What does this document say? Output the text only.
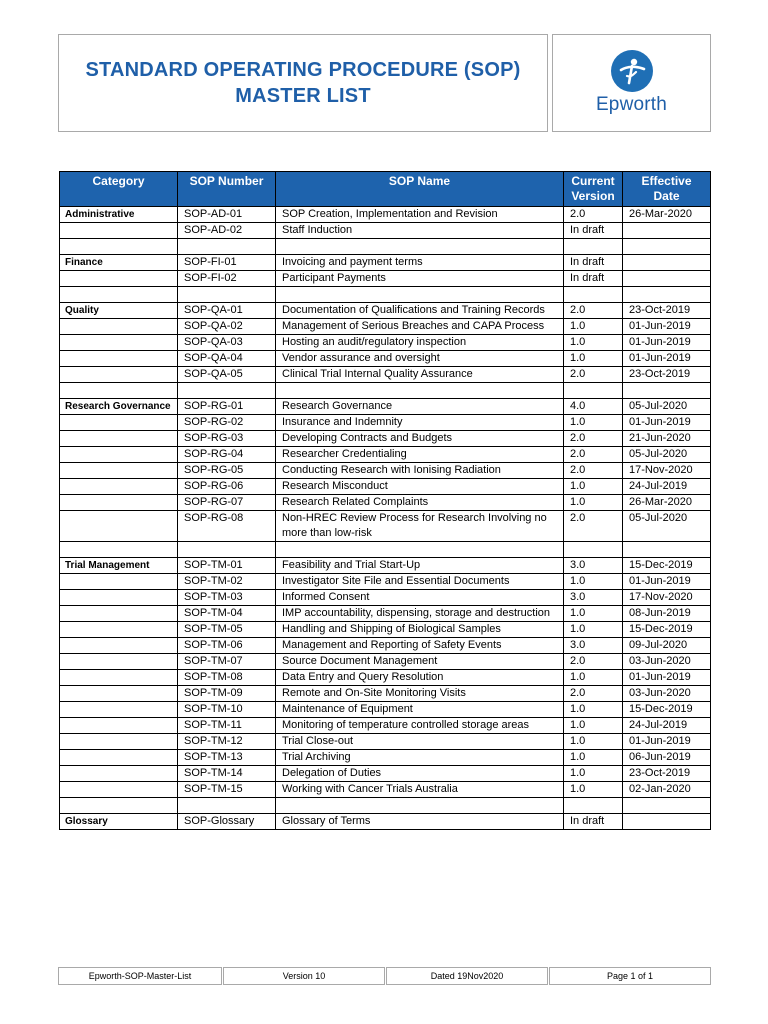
STANDARD OPERATING PROCEDURE (SOP)
MASTER LIST	Epworth
Category	SOP Number	SOP Name	Current Version	Effective Date
Administrative	SOP-AD-01	SOP Creation, Implementation and Revision	2.0	26-Mar-2020
	SOP-AD-02	Staff Induction	In draft	

Finance	SOP-FI-01	Invoicing and payment terms	In draft	
	SOP-FI-02	Participant Payments	In draft	

Quality	SOP-QA-01	Documentation of Qualifications and Training Records	2.0	23-Oct-2019
	SOP-QA-02	Management of Serious Breaches and CAPA Process	1.0	01-Jun-2019
	SOP-QA-03	Hosting an audit/regulatory inspection	1.0	01-Jun-2019
	SOP-QA-04	Vendor assurance and oversight	1.0	01-Jun-2019
	SOP-QA-05	Clinical Trial Internal Quality Assurance	2.0	23-Oct-2019

Research Governance	SOP-RG-01	Research Governance	4.0	05-Jul-2020
	SOP-RG-02	Insurance and Indemnity	1.0	01-Jun-2019
	SOP-RG-03	Developing Contracts and Budgets	2.0	21-Jun-2020
	SOP-RG-04	Researcher Credentialing	2.0	05-Jul-2020
	SOP-RG-05	Conducting Research with Ionising Radiation	2.0	17-Nov-2020
	SOP-RG-06	Research Misconduct	1.0	24-Jul-2019
	SOP-RG-07	Research Related Complaints	1.0	26-Mar-2020
	SOP-RG-08	Non-HREC Review Process for Research Involving no more than low-risk	2.0	05-Jul-2020

Trial Management	SOP-TM-01	Feasibility and Trial Start-Up	3.0	15-Dec-2019
	SOP-TM-02	Investigator Site File and Essential Documents	1.0	01-Jun-2019
	SOP-TM-03	Informed Consent	3.0	17-Nov-2020
	SOP-TM-04	IMP accountability, dispensing, storage and destruction	1.0	08-Jun-2019
	SOP-TM-05	Handling and Shipping of Biological Samples	1.0	15-Dec-2019
	SOP-TM-06	Management and Reporting of Safety Events	3.0	09-Jul-2020
	SOP-TM-07	Source Document Management	2.0	03-Jun-2020
	SOP-TM-08	Data Entry and Query Resolution	1.0	01-Jun-2019
	SOP-TM-09	Remote and On-Site Monitoring Visits	2.0	03-Jun-2020
	SOP-TM-10	Maintenance of Equipment	1.0	15-Dec-2019
	SOP-TM-11	Monitoring of temperature controlled storage areas	1.0	24-Jul-2019
	SOP-TM-12	Trial Close-out	1.0	01-Jun-2019
	SOP-TM-13	Trial Archiving	1.0	06-Jun-2019
	SOP-TM-14	Delegation of Duties	1.0	23-Oct-2019
	SOP-TM-15	Working with Cancer Trials Australia	1.0	02-Jan-2020

Glossary	SOP-Glossary	Glossary of Terms	In draft	
Epworth-SOP-Master-List	Version 10	Dated 19Nov2020	Page 1 of 1
